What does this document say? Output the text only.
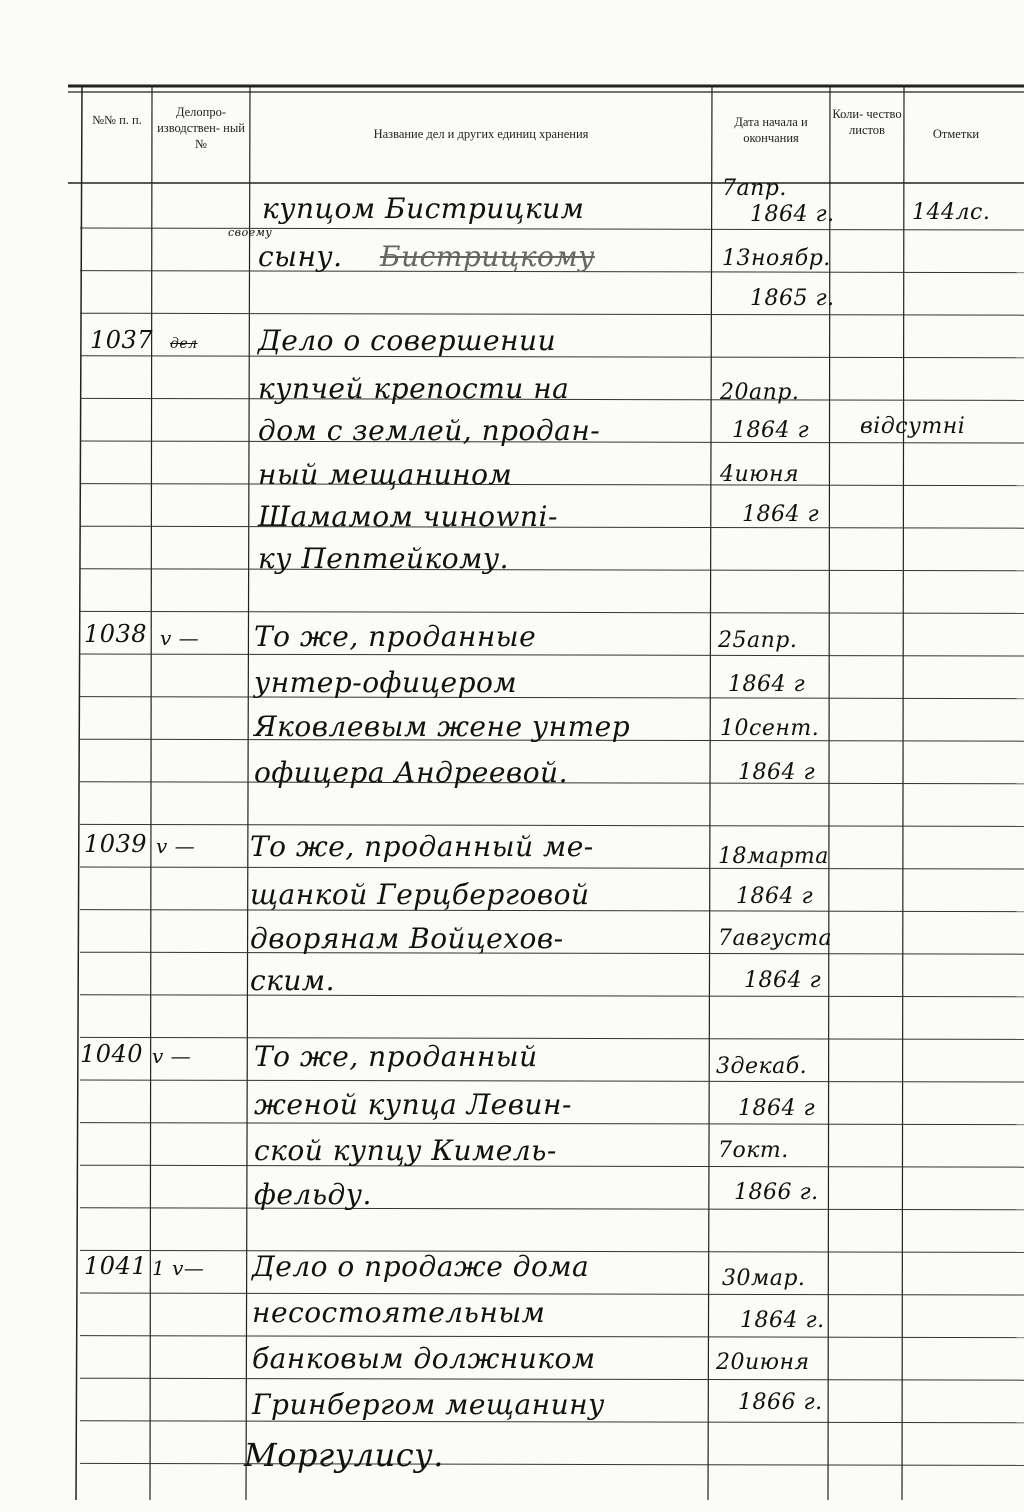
№№ п. п.
Делопро- изводствен- ный №
Название дел и других единиц хранения
Дата начала и окончания
Коли- чество листов	Отметки
купцом Бистрицким
сыну.
своему
Бистрицкому
7апр.
1864 г.
13ноябр.
1865 г.
144лс.
1037 дел Дело о совершении
купчей крепости на
дом с землей, продан-
ный мещанином
Шамамом чинowni-
ку Пептейкому.
20апр.
1864 г
4июня
1864 г
відсутні
1038 v — То же, проданные
унтер-офицером
Яковлевым жене унтер
офицера Андреевой.
25апр.
1864 г
10сент.
1864 г
1039 v — То же, проданный ме-
щанкой Герцберговой
дворянам Войцехов-
ским.
18марта
1864 г
7августа
1864 г
1040 v — То же, проданный
женой купца Левин-
ской купцу Кимель-
фельду.
3декаб.
1864 г
7окт.
1866 г.
1041 1 v— Дело о продаже дома
несостоятельным
банковым должником
Гринбергом мещанину
Моргулису.
30мар.
1864 г.
20июня
1866 г.
